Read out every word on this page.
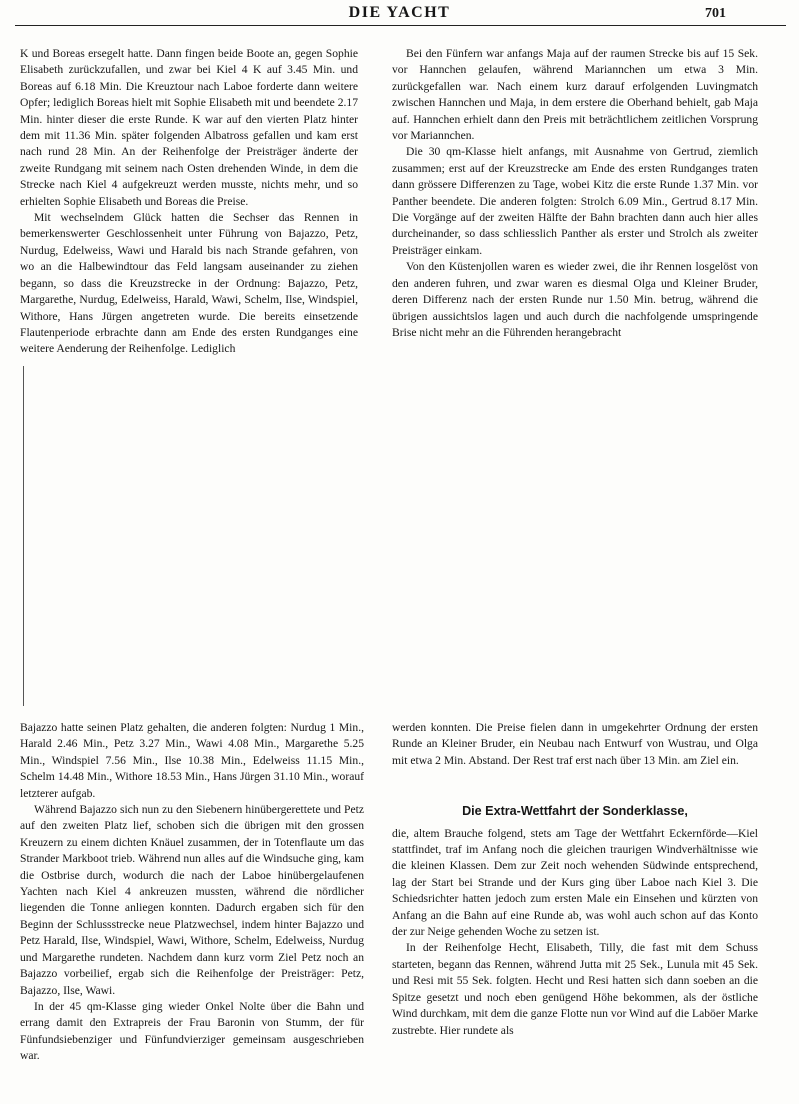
DIE YACHT	701

K und Boreas ersegelt hatte. Dann fingen beide Boote an, gegen Sophie Elisabeth zurückzufallen, und zwar bei Kiel 4 K auf 3.45 Min. und Boreas auf 6.18 Min. Die Kreuztour nach Laboe forderte dann weitere Opfer; lediglich Boreas hielt mit Sophie Elisabeth mit und beendete 2.17 Min. hinter dieser die erste Runde. K war auf den vierten Platz hinter dem mit 11.36 Min. später folgenden Albatross gefallen und kam erst nach rund 28 Min. An der Reihenfolge der Preisträger änderte der zweite Rundgang mit seinem nach Osten drehenden Winde, in dem die Strecke nach Kiel 4 aufgekreuzt werden musste, nichts mehr, und so erhielten Sophie Elisabeth und Boreas die Preise.

Mit wechselndem Glück hatten die Sechser das Rennen in bemerkenswerter Geschlossenheit unter Führung von Bajazzo, Petz, Nurdug, Edelweiss, Wawi und Harald bis nach Strande gefahren, von wo an die Halbewindtour das Feld langsam auseinander zu ziehen begann, so dass die Kreuzstrecke in der Ordnung: Bajazzo, Petz, Margarethe, Nurdug, Edelweiss, Harald, Wawi, Schelm, Ilse, Windspiel, Withore, Hans Jürgen angetreten wurde. Die bereits einsetzende Flautenperiode erbrachte dann am Ende des ersten Rundganges eine weitere Aenderung der Reihenfolge. Lediglich

Bei den Fünfern war anfangs Maja auf der raumen Strecke bis auf 15 Sek. vor Hannchen gelaufen, während Mariannchen um etwa 3 Min. zurückgefallen war. Nach einem kurz darauf erfolgenden Luvingmatch zwischen Hannchen und Maja, in dem erstere die Oberhand behielt, gab Maja auf. Hannchen erhielt dann den Preis mit beträchtlichem zeitlichen Vorsprung vor Mariannchen.

Die 30 qm-Klasse hielt anfangs, mit Ausnahme von Gertrud, ziemlich zusammen; erst auf der Kreuzstrecke am Ende des ersten Rundganges traten dann grössere Differenzen zu Tage, wobei Kitz die erste Runde 1.37 Min. vor Panther beendete. Die anderen folgten: Strolch 6.09 Min., Gertrud 8.17 Min. Die Vorgänge auf der zweiten Hälfte der Bahn brachten dann auch hier alles durcheinander, so dass schliesslich Panther als erster und Strolch als zweiter Preisträger einkam.

Von den Küstenjollen waren es wieder zwei, die ihr Rennen losgelöst von den anderen fuhren, und zwar waren es diesmal Olga und Kleiner Bruder, deren Differenz nach der ersten Runde nur 1.50 Min. betrug, während die übrigen aussichtslos lagen und auch durch die nachfolgende umspringende Brise nicht mehr an die Führenden herangebracht

Bajazzo hatte seinen Platz gehalten, die anderen folgten: Nurdug 1 Min., Harald 2.46 Min., Petz 3.27 Min., Wawi 4.08 Min., Margarethe 5.25 Min., Windspiel 7.56 Min., Ilse 10.38 Min., Edelweiss 11.15 Min., Schelm 14.48 Min., Withore 18.53 Min., Hans Jürgen 31.10 Min., worauf letzterer aufgab.

Während Bajazzo sich nun zu den Siebenern hinübergerettete und Petz auf den zweiten Platz lief, schoben sich die übrigen mit den grossen Kreuzern zu einem dichten Knäuel zusammen, der in Totenflaute um das Strander Markboot trieb. Während nun alles auf die Windsuche ging, kam die Ostbrise durch, wodurch die nach der Laboe hinübergelaufenen Yachten nach Kiel 4 ankreuzen mussten, während die nördlicher liegenden die Tonne anliegen konnten. Dadurch ergaben sich für den Beginn der Schlussstrecke neue Platzwechsel, indem hinter Bajazzo und Petz Harald, Ilse, Windspiel, Wawi, Withore, Schelm, Edelweiss, Nurdug und Margarethe rundeten. Nachdem dann kurz vorm Ziel Petz noch an Bajazzo vorbeilief, ergab sich die Reihenfolge der Preisträger: Petz, Bajazzo, Ilse, Wawi.

In der 45 qm-Klasse ging wieder Onkel Nolte über die Bahn und errang damit den Extrapreis der Frau Baronin von Stumm, der für Fünfundsiebenziger und Fünfundvierziger gemeinsam ausgeschrieben war.

werden konnten. Die Preise fielen dann in umgekehrter Ordnung der ersten Runde an Kleiner Bruder, ein Neubau nach Entwurf von Wustrau, und Olga mit etwa 2 Min. Abstand. Der Rest traf erst nach über 13 Min. am Ziel ein.

Die Extra-Wettfahrt der Sonderklasse,

die, altem Brauche folgend, stets am Tage der Wettfahrt Eckernförde—Kiel stattfindet, traf im Anfang noch die gleichen traurigen Windverhältnisse wie die kleinen Klassen. Dem zur Zeit noch wehenden Südwinde entsprechend, lag der Start bei Strande und der Kurs ging über Laboe nach Kiel 3. Die Schiedsrichter hatten jedoch zum ersten Male ein Einsehen und kürzten von Anfang an die Bahn auf eine Runde ab, was wohl auch schon auf das Konto der zur Neige gehenden Woche zu setzen ist.

In der Reihenfolge Hecht, Elisabeth, Tilly, die fast mit dem Schuss starteten, begann das Rennen, während Jutta mit 25 Sek., Lunula mit 45 Sek. und Resi mit 55 Sek. folgten. Hecht und Resi hatten sich dann soeben an die Spitze gesetzt und noch eben genügend Höhe bekommen, als der östliche Wind durchkam, mit dem die ganze Flotte nun vor Wind auf die Laböer Marke zustrebte. Hier rundete als
